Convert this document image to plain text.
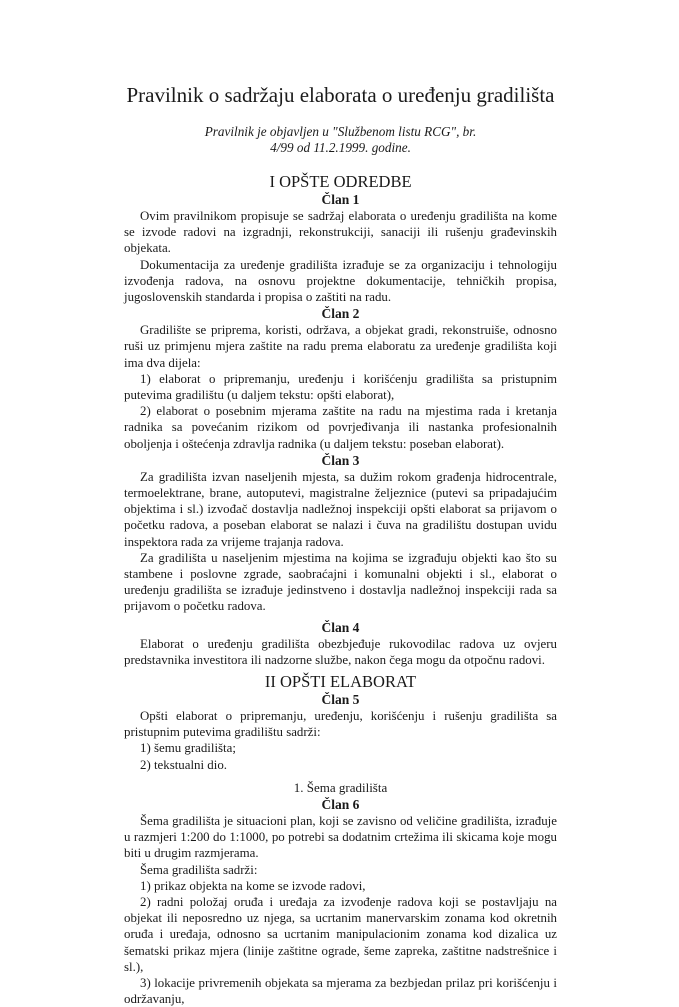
Pravilnik o sadržaju elaborata o uređenju gradilišta
Pravilnik je objavljen u "Službenom listu RCG", br.
4/99 od 11.2.1999. godine.
I OPŠTE ODREDBE
Član 1
Ovim pravilnikom propisuje se sadržaj elaborata o uređenju gradilišta na kome se izvode radovi na izgradnji, rekonstrukciji, sanaciji ili rušenju građevinskih objekata.
Dokumentacija za uređenje gradilišta izrađuje se za organizaciju i tehnologiju izvođenja radova, na osnovu projektne dokumentacije, tehničkih propisa, jugoslovenskih standarda i propisa o zaštiti na radu.
Član 2
Gradilište se priprema, koristi, održava, a objekat gradi, rekonstruiše, odnosno ruši uz primjenu mjera zaštite na radu prema elaboratu za uređenje gradilišta koji ima dva dijela:
1) elaborat o pripremanju, uređenju i korišćenju gradilišta sa pristupnim putevima gradilištu (u daljem tekstu: opšti elaborat),
2) elaborat o posebnim mjerama zaštite na radu na mjestima rada i kretanja radnika sa povećanim rizikom od povrjeđivanja ili nastanka profesionalnih oboljenja i oštećenja zdravlja radnika (u daljem tekstu: poseban elaborat).
Član 3
Za gradilišta izvan naseljenih mjesta, sa dužim rokom građenja hidrocentrale, termoelektrane, brane, autoputevi, magistralne željeznice (putevi sa pripadajućim objektima i sl.) izvođač dostavlja nadležnoj inspekciji opšti elaborat sa prijavom o početku radova, a poseban elaborat se nalazi i čuva na gradilištu dostupan uvidu inspektora rada za vrijeme trajanja radova.
Za gradilišta u naseljenim mjestima na kojima se izgrađuju objekti kao što su stambene i poslovne zgrade, saobraćajni i komunalni objekti i sl., elaborat o uređenju gradilišta se izrađuje jedinstveno i dostavlja nadležnoj inspekciji rada sa prijavom o početku radova.
Član 4
Elaborat o uređenju gradilišta obezbjeđuje rukovodilac radova uz ovjeru predstavnika investitora ili nadzorne službe, nakon čega mogu da otpočnu radovi.
II OPŠTI ELABORAT
Član 5
Opšti elaborat o pripremanju, uređenju, korišćenju i rušenju gradilišta sa pristupnim putevima gradilištu sadrži:
1) šemu gradilišta;
2) tekstualni dio.
1. Šema gradilišta
Član 6
Šema gradilišta je situacioni plan, koji se zavisno od veličine gradilišta, izrađuje u razmjeri 1:200 do 1:1000, po potrebi sa dodatnim crtežima ili skicama koje mogu biti u drugim razmjerama.
Šema gradilišta sadrži:
1) prikaz objekta na kome se izvode radovi,
2) radni položaj oruđa i uređaja za izvođenje radova koji se postavljaju na objekat ili neposredno uz njega, sa ucrtanim manervarskim zonama kod okretnih oruđa i uređaja, odnosno sa ucrtanim manipulacionim zonama kod dizalica uz šematski prikaz mjera (linije zaštitne ograde, šeme zapreka, zaštitne nadstrešnice i sl.),
3) lokacije privremenih objekata sa mjerama za bezbjedan prilaz pri korišćenju i održavanju,
